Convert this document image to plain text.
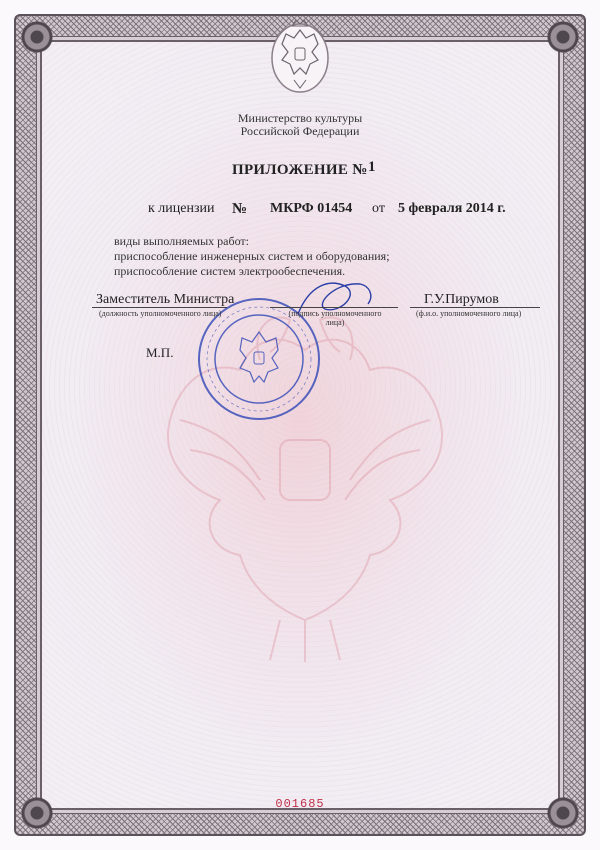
Министерство культуры
Российской Федерации
ПРИЛОЖЕНИЕ № 1
к лицензии № МКРФ 01454 от 5 февраля 2014 г.
виды выполняемых работ:
приспособление инженерных систем и оборудования;
приспособление систем электрообеспечения.
Заместитель Министра	Г.У.Пирумов
(должность уполномоченного лица)	(подпись уполномоченного лица)
(ф.и.о. уполномоченного лица)
М.П.
001685
